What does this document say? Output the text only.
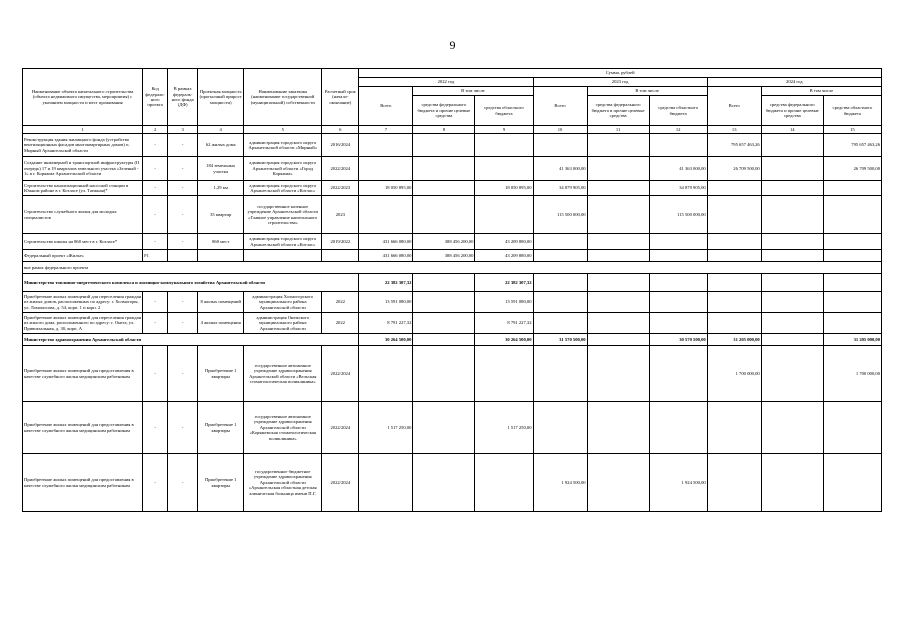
9
Наименование объекта капитального строительства (объекта недвижимого имущества, мероприятия) с указанием мощности и мест проживания	Код федераль-ного проекта	В рамках федераль-ного фонда (ДФ)	Проектная мощность (прогнозный прирост мощности)	Наименование заказчика (наименование государственной (муниципальной) собственности	Расчетный срок (начало-окончание)	Сумма, рублей								
						2022 год			2023 год			2024 год		
						Всего	В том числе		Всего	В том числе		Всего	В том числе	
							средства федерального бюджета и прочие целевые средства	средства областного бюджета		средства федерального бюджета и прочие целевые средства	средства областного бюджета		средства федерального бюджета и прочие целевые средства	средства областного бюджета
1	2	3	4	5	6	7	8	9	10	11	12	13	14	15
Реконструкция здания жилищного фонда (устройство вентиляционных фасадов многоквартирных домов) п. Мирный Архангельской области	-	-	62 жилых дома	администрация городского округа Архангельской области «Мирный»	2016/2024							795 657 463,26		795 657 463,26
Создание инженерной и транспортной инфраструктуры (II очередь) 17 и 19 кварталов земельного участка «Зеленый - 1» в г. Коряжма Архангельской области	-	-	184 земельных участка	администрация городского округа Архангельской области «Город Коряжма»	2022/2024				41 363 000,00		41 363 000,00	26 709 500,00		26 709 500,00
Строительство канализационной насосной станции в Южном районе в г. Котласе (ул. Таежная)*	-	-	1,29 км	администрация городского округа Архангельской области «Котлас»	2022/2023	18 050 895,00		18 050 895,00	34 879 905,00		34 879 905,00			
Строительство служебного жилья для молодых специалистов	-	-	35 квартир	государственное казенное учреждение Архангельской области «Главное управление капитального строительства»	2023				115 500 000,00		115 500 000,00			
Строительство школы на 860 мест в г. Котласе*	-	-	860 мест	администрация городского округа Архангельской области «Котлас»	2019/2022	431 666 080,00	388 456 200,00	43 209 880,00						
Федеральный проект «Жилье»	F1					431 666 080,00	388 456 200,00	43 209 880,00						
вне рамок федерального проекта														
Министерство топливно-энергетического комплекса и жилищно-коммунального хозяйства Архангельской области						22 382 307,32		22 382 307,32						
Приобретение жилых помещений для переселения граждан из жилых домов, расположенных по адресу: г. Холмогоры, ул. Ломоносова, д. 54, корп. 1 и корп. 2	-	-	8 жилых помещений	администрация Холмогорского муниципального района Архангельской области	2022	13 591 080,00		13 591 080,00						
Приобретение жилых помещений для переселения граждан из жилого дома, расположенного по адресу: г. Онега, ул. Привокзальная, д. 30, корп. А	-	-	4 жилых помещения	администрация Онежского муниципального района Архангельской области	2022	8 791 227,32		8 791 227,32						
Министерство здравоохранения Архангельской области						30 264 500,00		30 264 500,00	31 570 500,00		30 570 500,00	31 205 000,00		31 205 000,00
Приобретение жилых помещений для предоставления в качестве служебного жилья медицинским работникам	-	-	Приобретение 1 квартиры	государственное автономное учреждение здравоохранения Архангельской области «Вельская стоматологическая поликлиника»	2022/2024							1 700 000,00		1 700 000,00
Приобретение жилых помещений для предоставления в качестве служебного жилья медицинским работникам	-	-	Приобретение 1 квартиры	государственное автономное учреждение здравоохранения Архангельской области «Коряжемская стоматологическая поликлиника»	2022/2024	1 517 250,00		1 517 250,00						
Приобретение жилых помещений для предоставления в качестве служебного жилья медицинским работникам	-	-	Приобретение 1 квартиры	государственное бюджетное учреждение здравоохранения Архангельской области «Архангельская областная детская клиническая больница имени П.Г.	2022/2024				1 924 500,00		1 924 500,00			
